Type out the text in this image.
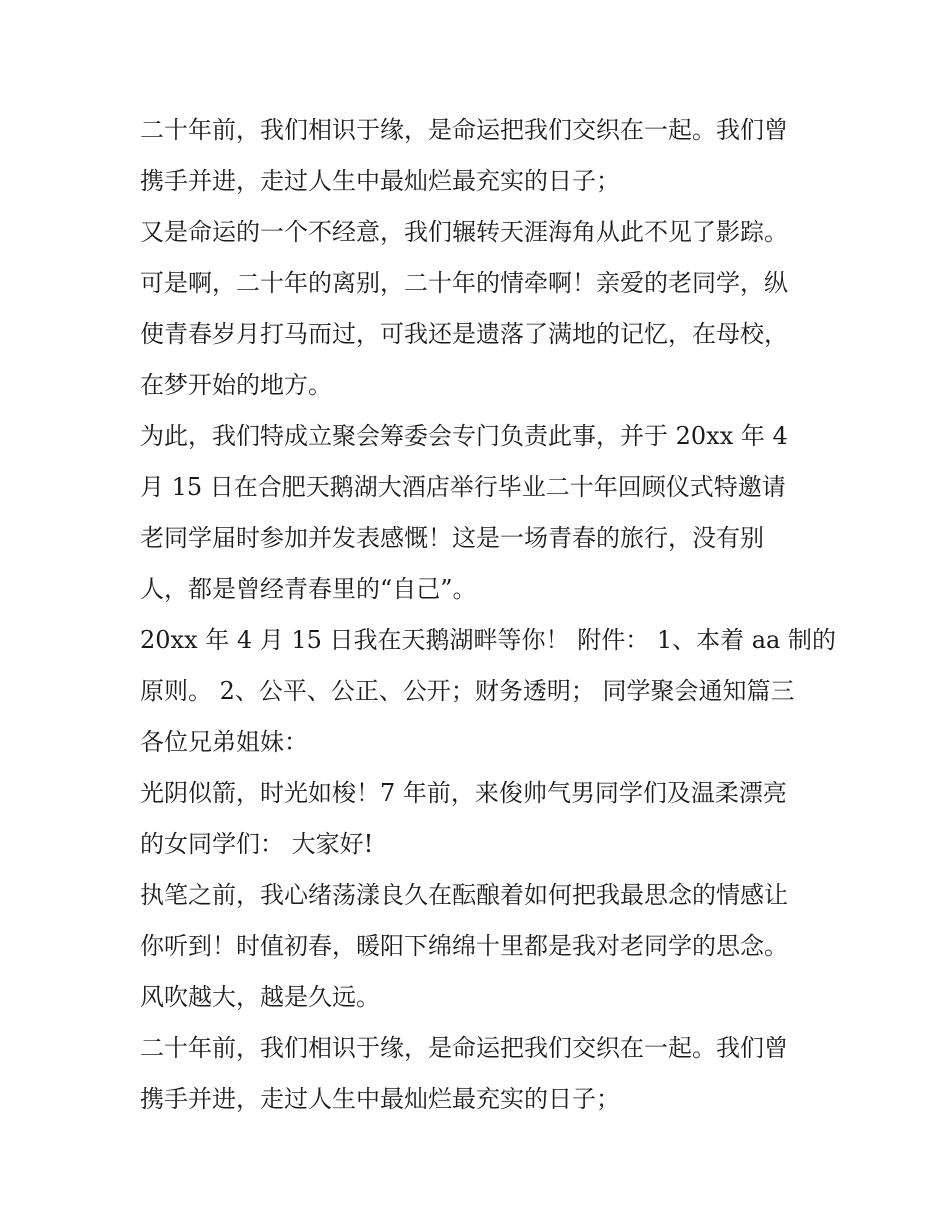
二十年前，我们相识于缘，是命运把我们交织在一起。我们曾
携手并进，走过人生中最灿烂最充实的日子；
又是命运的一个不经意，我们辗转天涯海角从此不见了影踪。
可是啊，二十年的离别，二十年的情牵啊！亲爱的老同学，纵
使青春岁月打马而过，可我还是遗落了满地的记忆，在母校，
在梦开始的地方。
为此，我们特成立聚会筹委会专门负责此事，并于 20xx 年 4
月 15 日在合肥天鹅湖大酒店举行毕业二十年回顾仪式特邀请
老同学届时参加并发表感慨！这是一场青春的旅行，没有别
人，都是曾经青春里的“自己”。
20xx 年 4 月 15 日我在天鹅湖畔等你！ 附件： 1、本着 aa 制的
原则。 2、公平、公正、公开；财务透明； 同学聚会通知篇三
各位兄弟姐妹：
光阴似箭，时光如梭！7 年前，来俊帅气男同学们及温柔漂亮
的女同学们： 大家好!
执笔之前，我心绪荡漾良久在酝酿着如何把我最思念的情感让
你听到！时值初春，暖阳下绵绵十里都是我对老同学的思念。
风吹越大，越是久远。
二十年前，我们相识于缘，是命运把我们交织在一起。我们曾
携手并进，走过人生中最灿烂最充实的日子；
